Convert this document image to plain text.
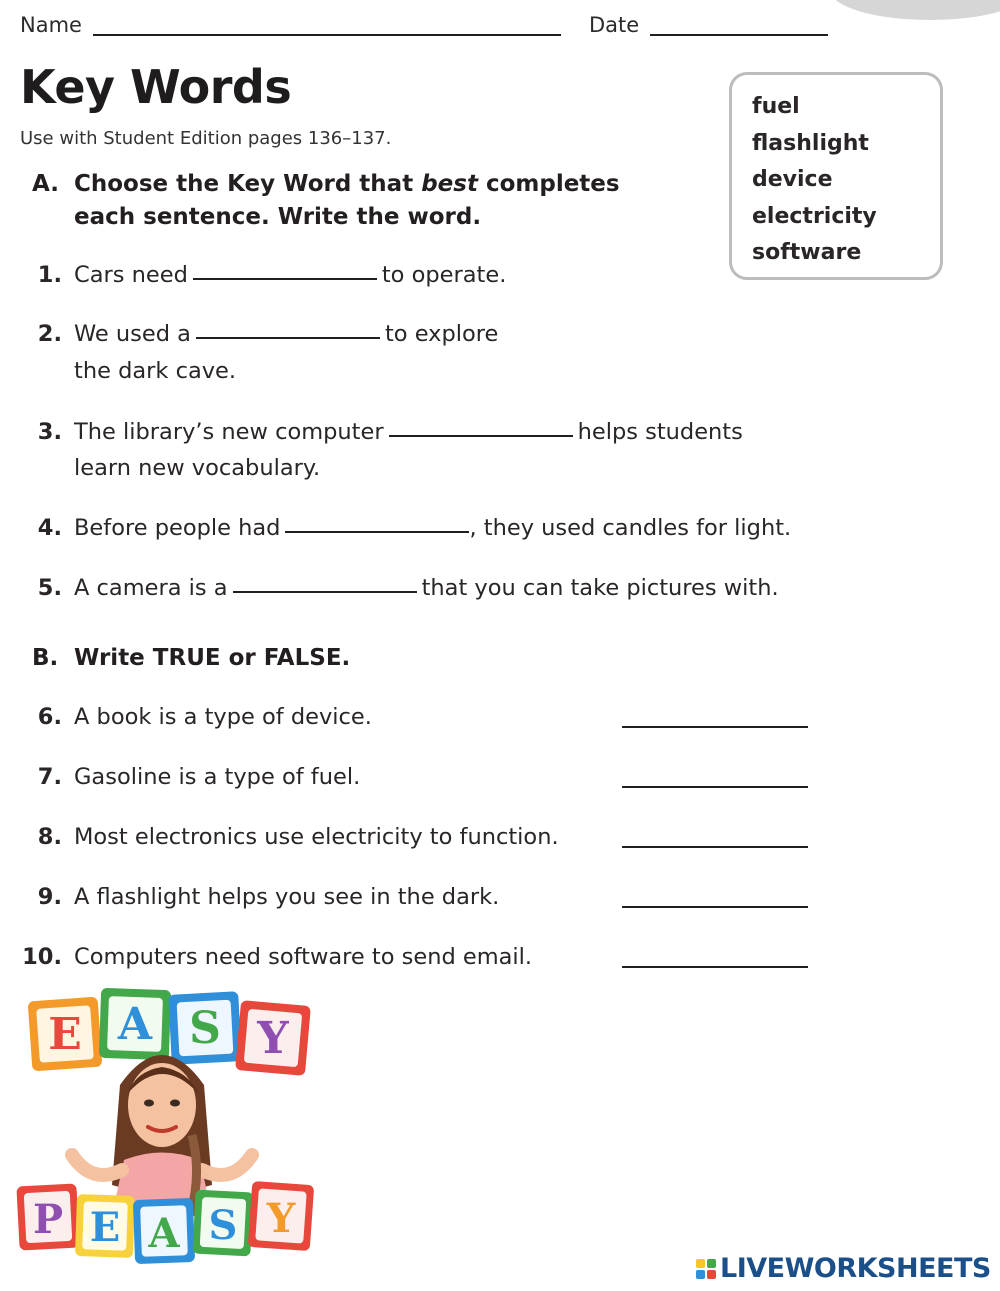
Name	Date
Key Words
Use with Student Edition pages 136–137.
fuel
flashlight
device
electricity
software
A. Choose the Key Word that best completes
each sentence. Write the word.
1. Cars need	to operate.
2. We used a	to explore
the dark cave.
3. The library’s new computer	helps students
learn new vocabulary.
4. Before people had	, they used candles for light.
5. A camera is a	that you can take pictures with.
B. Write TRUE or FALSE.
6. A book is a type of device.
7. Gasoline is a type of fuel.
8. Most electronics use electricity to function.
9. A flashlight helps you see in the dark.
10. Computers need software to send email.
E A S Y
P E A S Y
LIVEWORKSHEETS
